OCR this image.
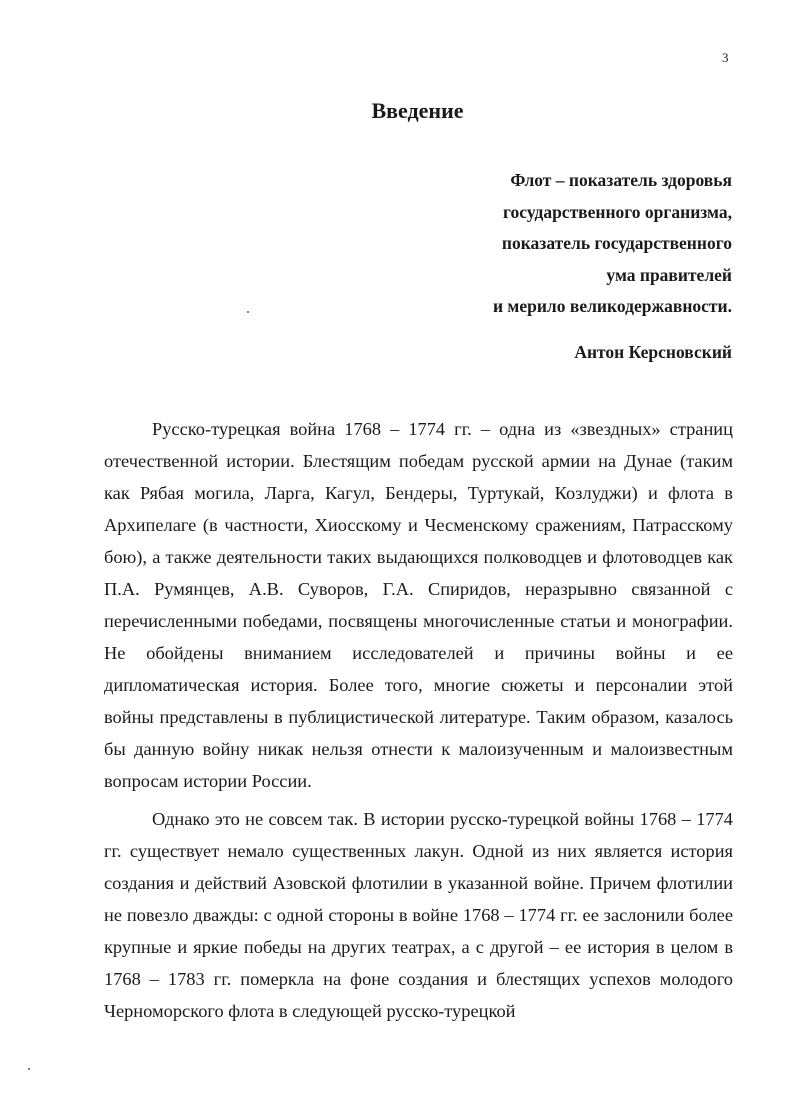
3
Введение
Флот – показатель здоровья
государственного организма,
показатель государственного
ума правителей
и мерило великодержавности.
Антон Керсновский

Русско-турецкая война 1768 – 1774 гг. – одна из «звездных» страниц отечественной истории. Блестящим победам русской армии на Дунае (таким как Рябая могила, Ларга, Кагул, Бендеры, Туртукай, Козлуджи) и флота в Архипелаге (в частности, Хиосскому и Чесменскому сражениям, Патрасскому бою), а также деятельности таких выдающихся полководцев и флотоводцев как П.А. Румянцев, А.В. Суворов, Г.А. Спиридов, неразрывно связанной с перечисленными победами, посвящены многочисленные статьи и монографии. Не обойдены вниманием исследователей и причины войны и ее дипломатическая история. Более того, многие сюжеты и персоналии этой войны представлены в публицистической литературе. Таким образом, казалось бы данную войну никак нельзя отнести к малоизученным и малоизвестным вопросам истории России.

Однако это не совсем так. В истории русско-турецкой войны 1768 – 1774 гг. существует немало существенных лакун. Одной из них является история создания и действий Азовской флотилии в указанной войне. Причем флотилии не повезло дважды: с одной стороны в войне 1768 – 1774 гг. ее заслонили более крупные и яркие победы на других театрах, а с другой – ее история в целом в 1768 – 1783 гг. померкла на фоне создания и блестящих успехов молодого Черноморского флота в следующей русско-турецкой
